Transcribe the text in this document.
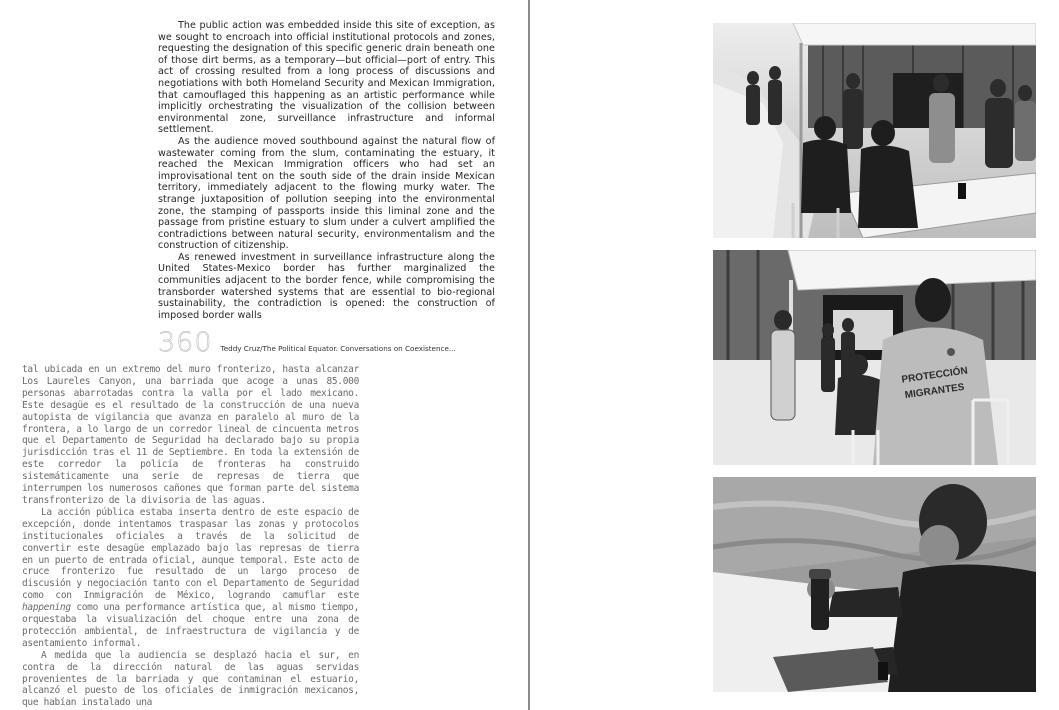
The public action was embedded inside this site of exception, as we sought to encroach into official institutional protocols and zones, requesting the designation of this specific generic drain beneath one of those dirt berms, as a temporary—but official—port of entry. This act of crossing resulted from a long process of discussions and negotiations with both Homeland Security and Mexican Immigration, that camouflaged this happening as an artistic performance while implicitly orchestrating the visualization of the collision between environmental zone, surveillance infrastructure and informal settlement.

As the audience moved southbound against the natural flow of wastewater coming from the slum, contaminating the estuary, it reached the Mexican Immigration officers who had set an improvisational tent on the south side of the drain inside Mexican territory, immediately adjacent to the flowing murky water. The strange juxtaposition of pollution seeping into the environmental zone, the stamping of passports inside this liminal zone and the passage from pristine estuary to slum under a culvert amplified the contradictions between natural security, environmentalism and the construction of citizenship.

As renewed investment in surveillance infrastructure along the United States-Mexico border has further marginalized the communities adjacent to the border fence, while compromising the transborder watershed systems that are essential to bio-regional sustainability, the contradiction is opened: the construction of imposed border walls

360 Teddy Cruz/The Political Equator. Conversations on Coexistence...

tal ubicada en un extremo del muro fronterizo, hasta alcanzar Los Laureles Canyon, una barriada que acoge a unas 85.000 personas abarrotadas contra la valla por el lado mexicano. Este desagüe es el resultado de la construcción de una nueva autopista de vigilancia que avanza en paralelo al muro de la frontera, a lo largo de un corredor lineal de cincuenta metros que el Departamento de Seguridad ha declarado bajo su propia jurisdicción tras el 11 de Septiembre. En toda la extensión de este corredor la policía de fronteras ha construido sistemáticamente una serie de represas de tierra que interrumpen los numerosos cañones que forman parte del sistema transfronterizo de la divisoria de las aguas.

La acción pública estaba inserta dentro de este espacio de excepción, donde intentamos traspasar las zonas y protocolos institucionales oficiales a través de la solicitud de convertir este desagüe emplazado bajo las represas de tierra en un puerto de entrada oficial, aunque temporal. Este acto de cruce fronterizo fue resultado de un largo proceso de discusión y negociación tanto con el Departamento de Seguridad como con Inmigración de México, logrando camuflar este happening como una performance artística que, al mismo tiempo, orquestaba la visualización del choque entre una zona de protección ambiental, de infraestructura de vigilancia y de asentamiento informal.

A medida que la audiencia se desplazó hacia el sur, en contra de la dirección natural de las aguas servidas provenientes de la barriada y que contaminan el estuario, alcanzó el puesto de los oficiales de inmigración mexicanos, que habían instalado una

PROTECCIÓN
MIGRANTES
